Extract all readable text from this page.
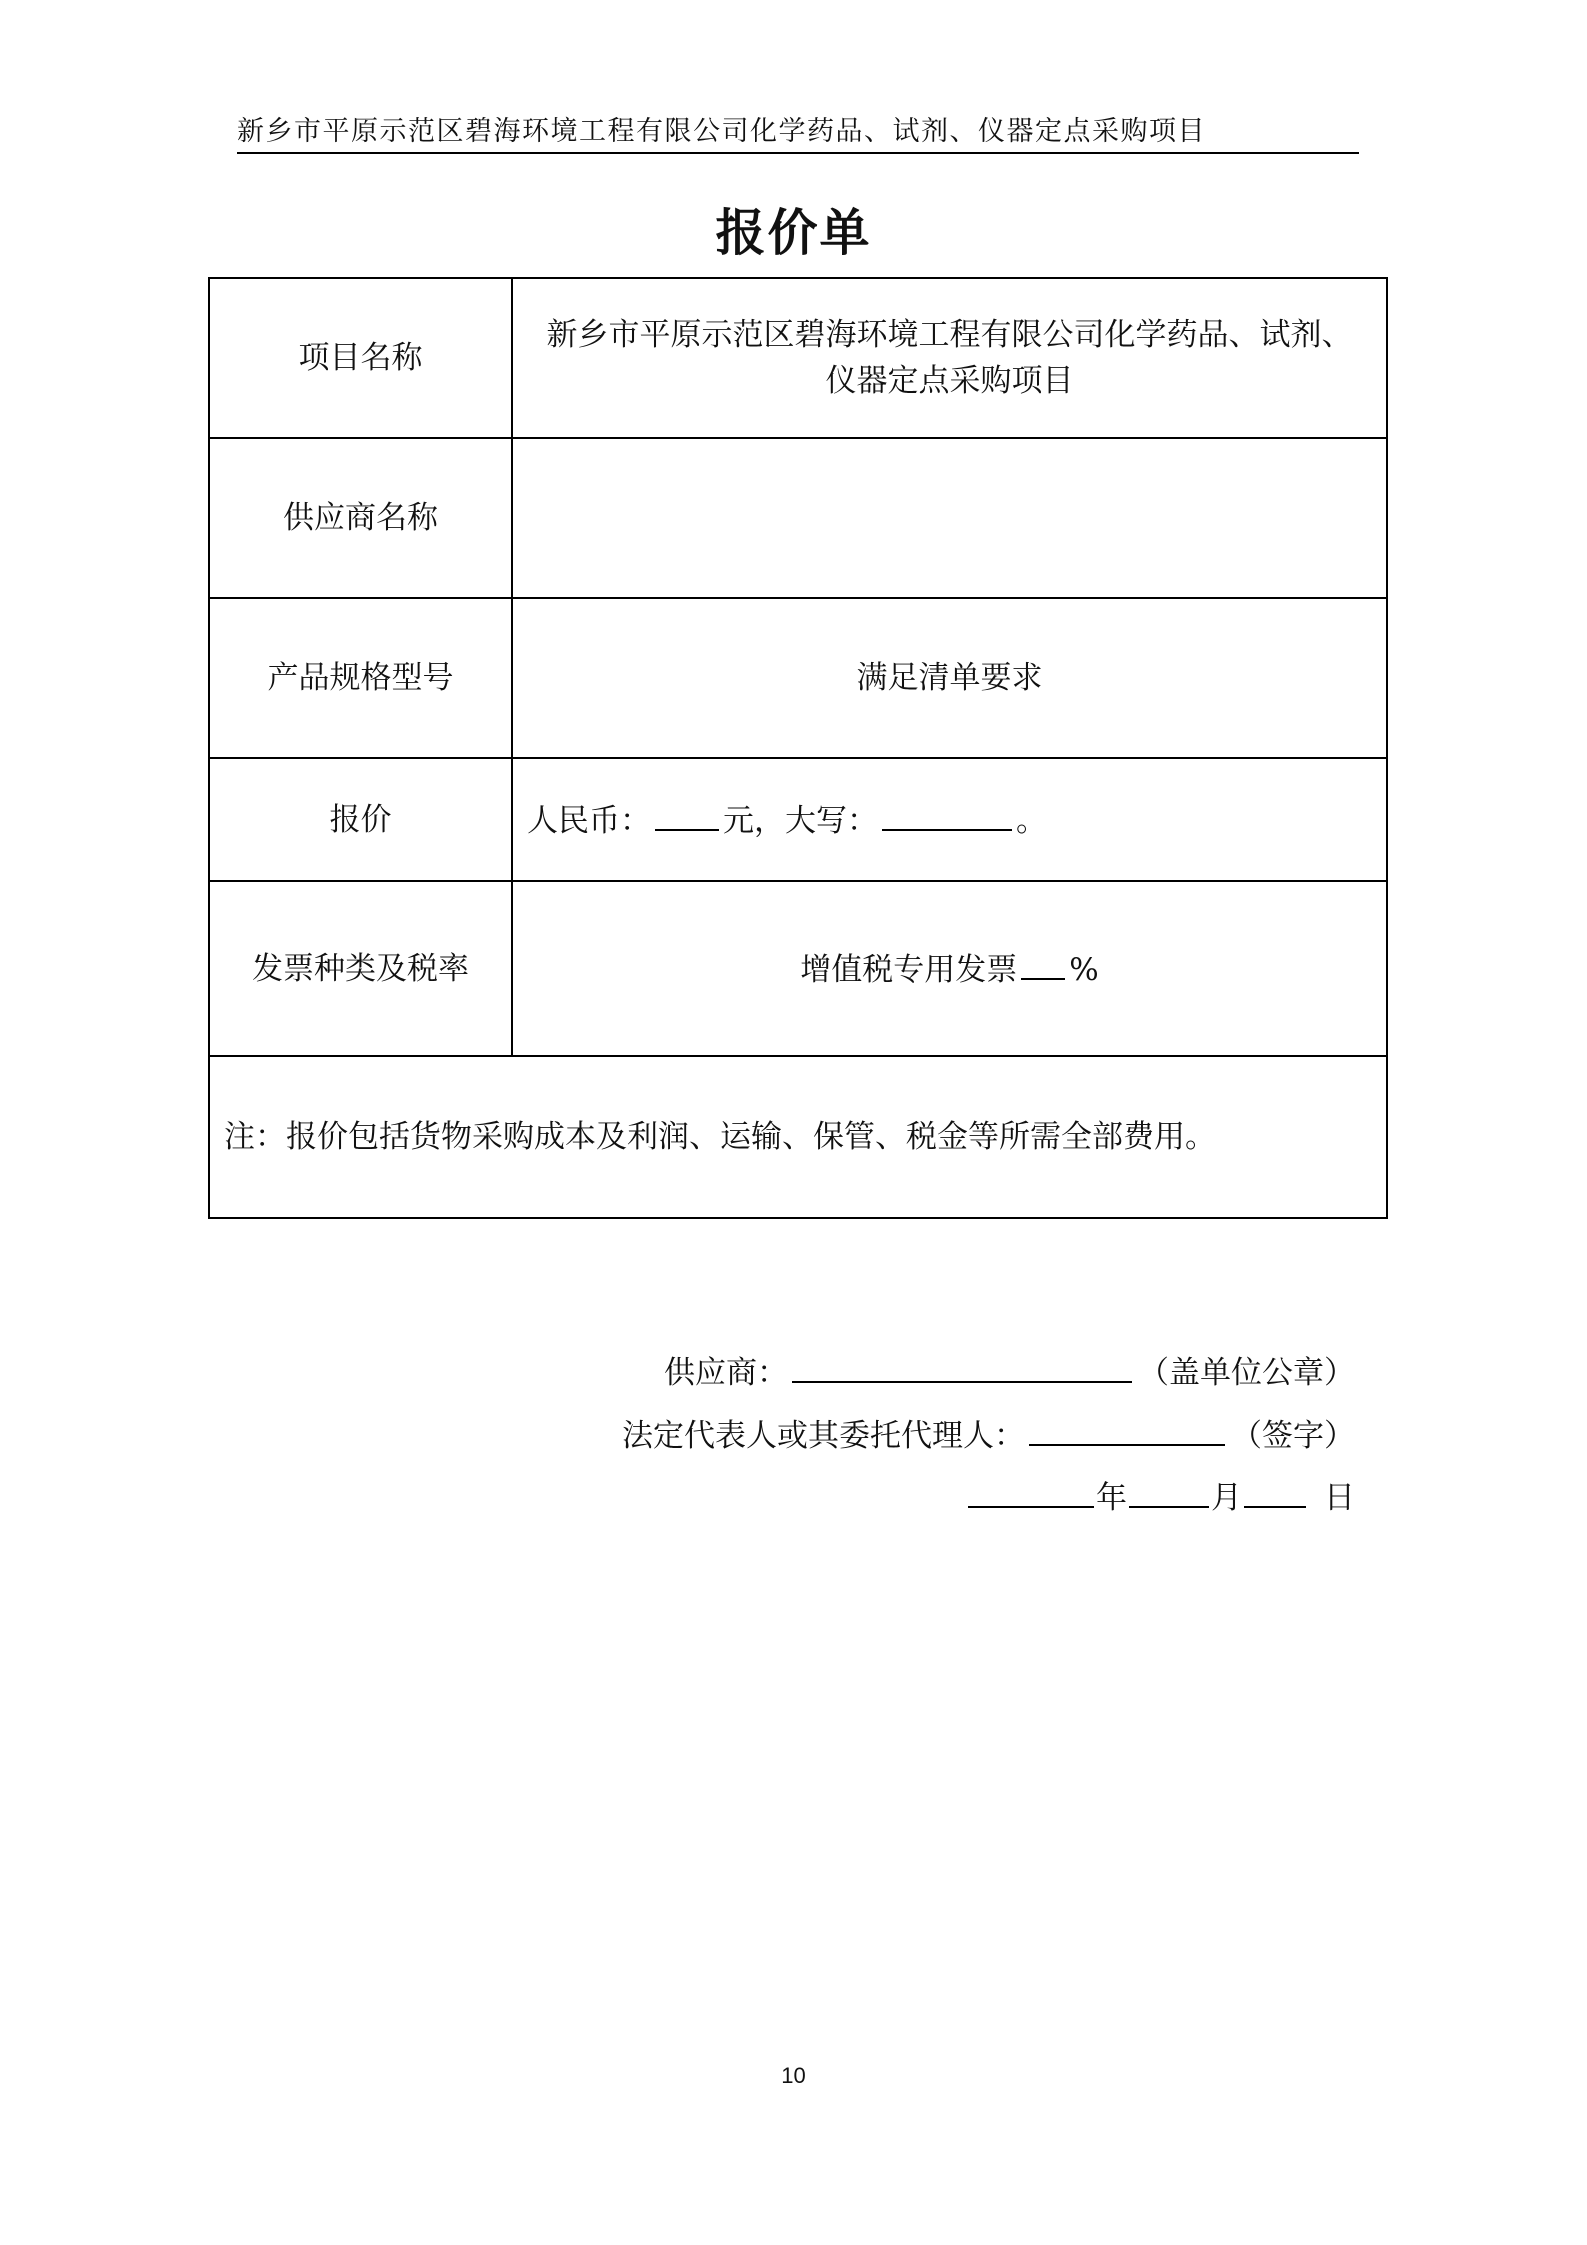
新乡市平原示范区碧海环境工程有限公司化学药品、试剂、仪器定点采购项目
报价单
项目名称	新乡市平原示范区碧海环境工程有限公司化学药品、试剂、仪器定点采购项目

供应商名称	
产品规格型号	满足清单要求
报价	人民币： 元，大写： 。
发票种类及税率	增值税专用发票 %
注：报价包括货物采购成本及利润、运输、保管、税金等所需全部费用。	
供应商：	（盖单位公章）
法定代表人或其委托代理人：	（签字）
年	月	日
10
